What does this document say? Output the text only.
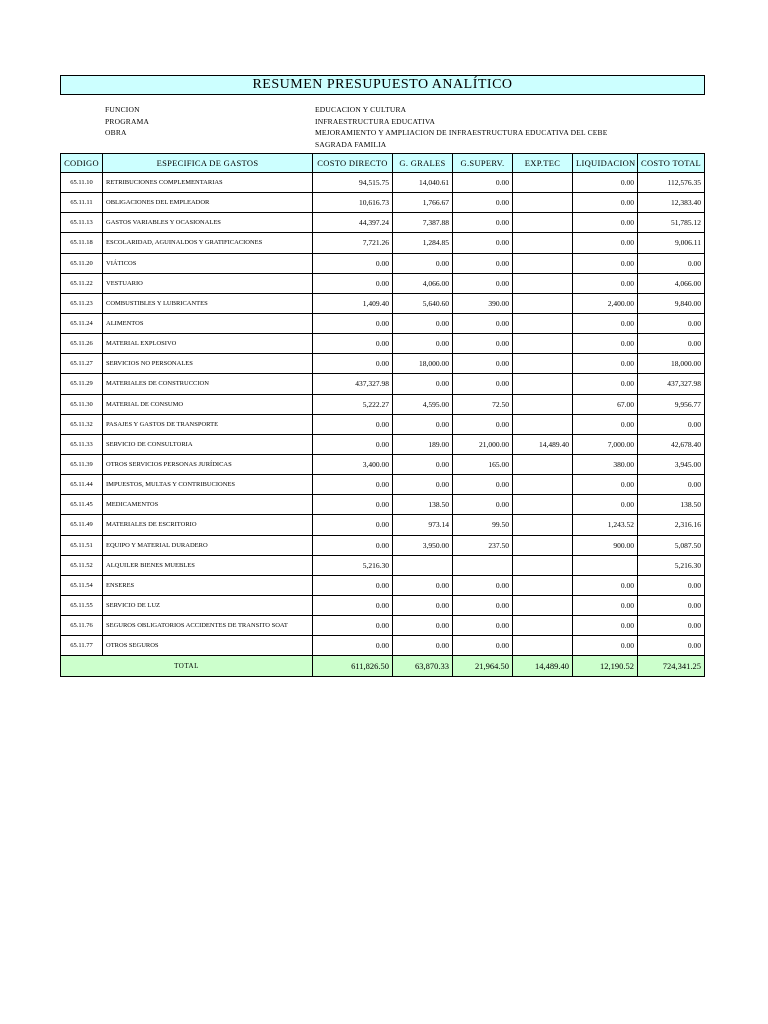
RESUMEN PRESUPUESTO ANALÍTICO
FUNCION	EDUCACION Y CULTURA
PROGRAMA	INFRAESTRUCTURA EDUCATIVA
OBRA	MEJORAMIENTO Y AMPLIACION DE INFRAESTRUCTURA EDUCATIVA DEL CEBE
SAGRADA FAMILIA
CODIGO	ESPECIFICA DE GASTOS	COSTO DIRECTO	G. GRALES	G.SUPERV.	EXP.TEC	LIQUIDACION	COSTO TOTAL
65.11.10	RETRIBUCIONES COMPLEMENTARIAS	94,515.75	14,040.61	0.00		0.00	112,576.35
65.11.11	OBLIGACIONES DEL EMPLEADOR	10,616.73	1,766.67	0.00		0.00	12,383.40
65.11.13	GASTOS VARIABLES Y OCASIONALES	44,397.24	7,387.88	0.00		0.00	51,785.12
65.11.18	ESCOLARIDAD, AGUINALDOS Y GRATIFICACIONES	7,721.26	1,284.85	0.00		0.00	9,006.11
65.11.20	VIÁTICOS	0.00	0.00	0.00		0.00	0.00
65.11.22	VESTUARIO	0.00	4,066.00	0.00		0.00	4,066.00
65.11.23	COMBUSTIBLES Y LUBRICANTES	1,409.40	5,640.60	390.00		2,400.00	9,840.00
65.11.24	ALIMENTOS	0.00	0.00	0.00		0.00	0.00
65.11.26	MATERIAL EXPLOSIVO	0.00	0.00	0.00		0.00	0.00
65.11.27	SERVICIOS NO PERSONALES	0.00	18,000.00	0.00		0.00	18,000.00
65.11.29	MATERIALES DE CONSTRUCCION	437,327.98	0.00	0.00		0.00	437,327.98
65.11.30	MATERIAL DE CONSUMO	5,222.27	4,595.00	72.50		67.00	9,956.77
65.11.32	PASAJES Y GASTOS DE TRANSPORTE	0.00	0.00	0.00		0.00	0.00
65.11.33	SERVICIO DE CONSULTORIA	0.00	189.00	21,000.00	14,489.40	7,000.00	42,678.40
65.11.39	OTROS SERVICIOS PERSONAS JURÍDICAS	3,400.00	0.00	165.00		380.00	3,945.00
65.11.44	IMPUESTOS, MULTAS Y CONTRIBUCIONES	0.00	0.00	0.00		0.00	0.00
65.11.45	MEDICAMENTOS	0.00	138.50	0.00		0.00	138.50
65.11.49	MATERIALES DE ESCRITORIO	0.00	973.14	99.50		1,243.52	2,316.16
65.11.51	EQUIPO Y MATERIAL DURADERO	0.00	3,950.00	237.50		900.00	5,087.50
65.11.52	ALQUILER BIENES MUEBLES	5,216.30					5,216.30
65.11.54	ENSERES	0.00	0.00	0.00		0.00	0.00
65.11.55	SERVICIO DE LUZ	0.00	0.00	0.00		0.00	0.00
65.11.76	SEGUROS OBLIGATORIOS ACCIDENTES DE TRANSITO SOAT	0.00	0.00	0.00		0.00	0.00
65.11.77	OTROS SEGUROS	0.00	0.00	0.00		0.00	0.00
TOTAL		611,826.50	63,870.33	21,964.50	14,489.40	12,190.52	724,341.25
